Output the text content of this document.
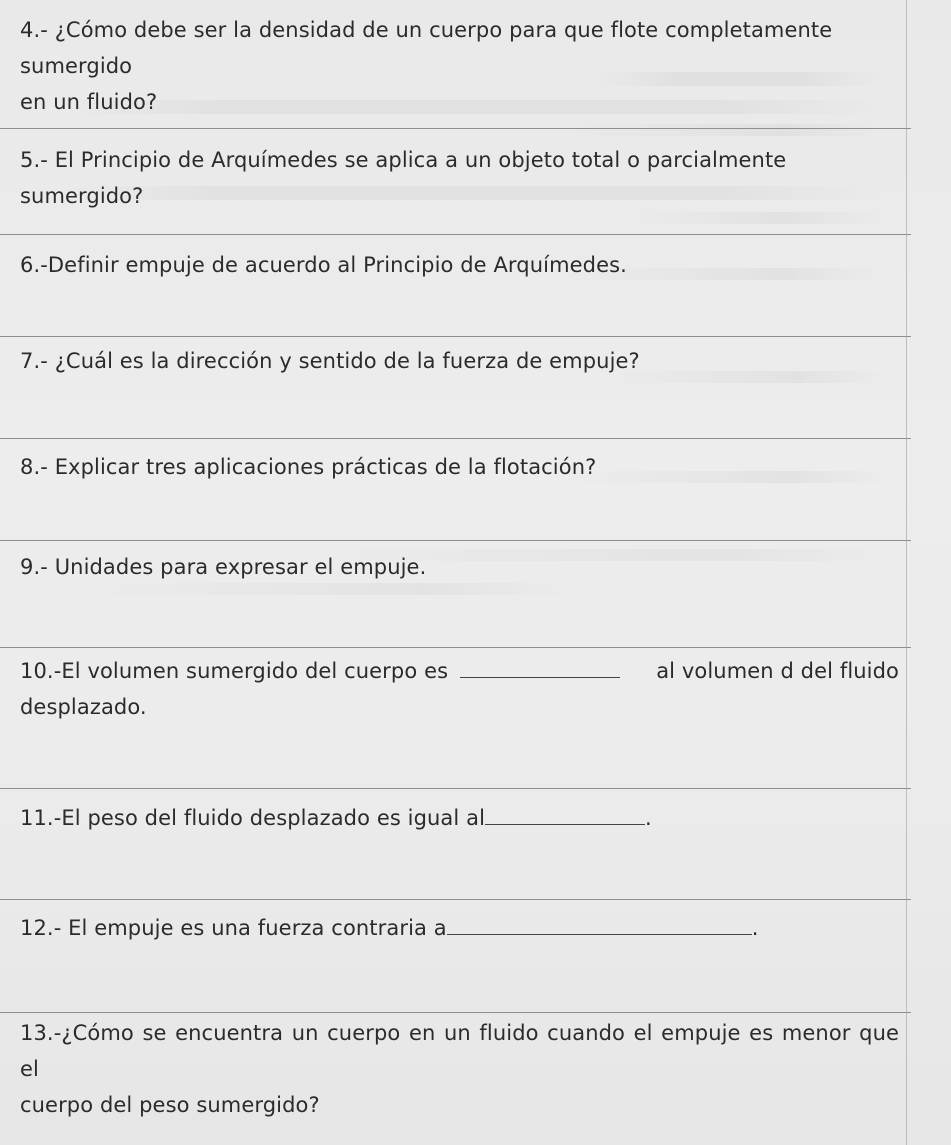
4.- ¿Cómo debe ser la densidad de un cuerpo para que flote completamente sumergido
en un fluido?
5.- El Principio de Arquímedes se aplica a un objeto total o parcialmente sumergido?
6.-Definir empuje de acuerdo al Principio de Arquímedes.
7.- ¿Cuál es la dirección y sentido de la fuerza de empuje?
8.- Explicar tres aplicaciones prácticas de la flotación?
9.- Unidades para expresar el empuje.
10.-El volumen sumergido del cuerpo es	al volumen d del fluido
desplazado.
11.-El peso del fluido desplazado es igual al	.
12.- El empuje es una fuerza contraria a	.
13.-¿Cómo se encuentra un cuerpo en un fluido cuando el empuje es menor que el
cuerpo del peso sumergido?
